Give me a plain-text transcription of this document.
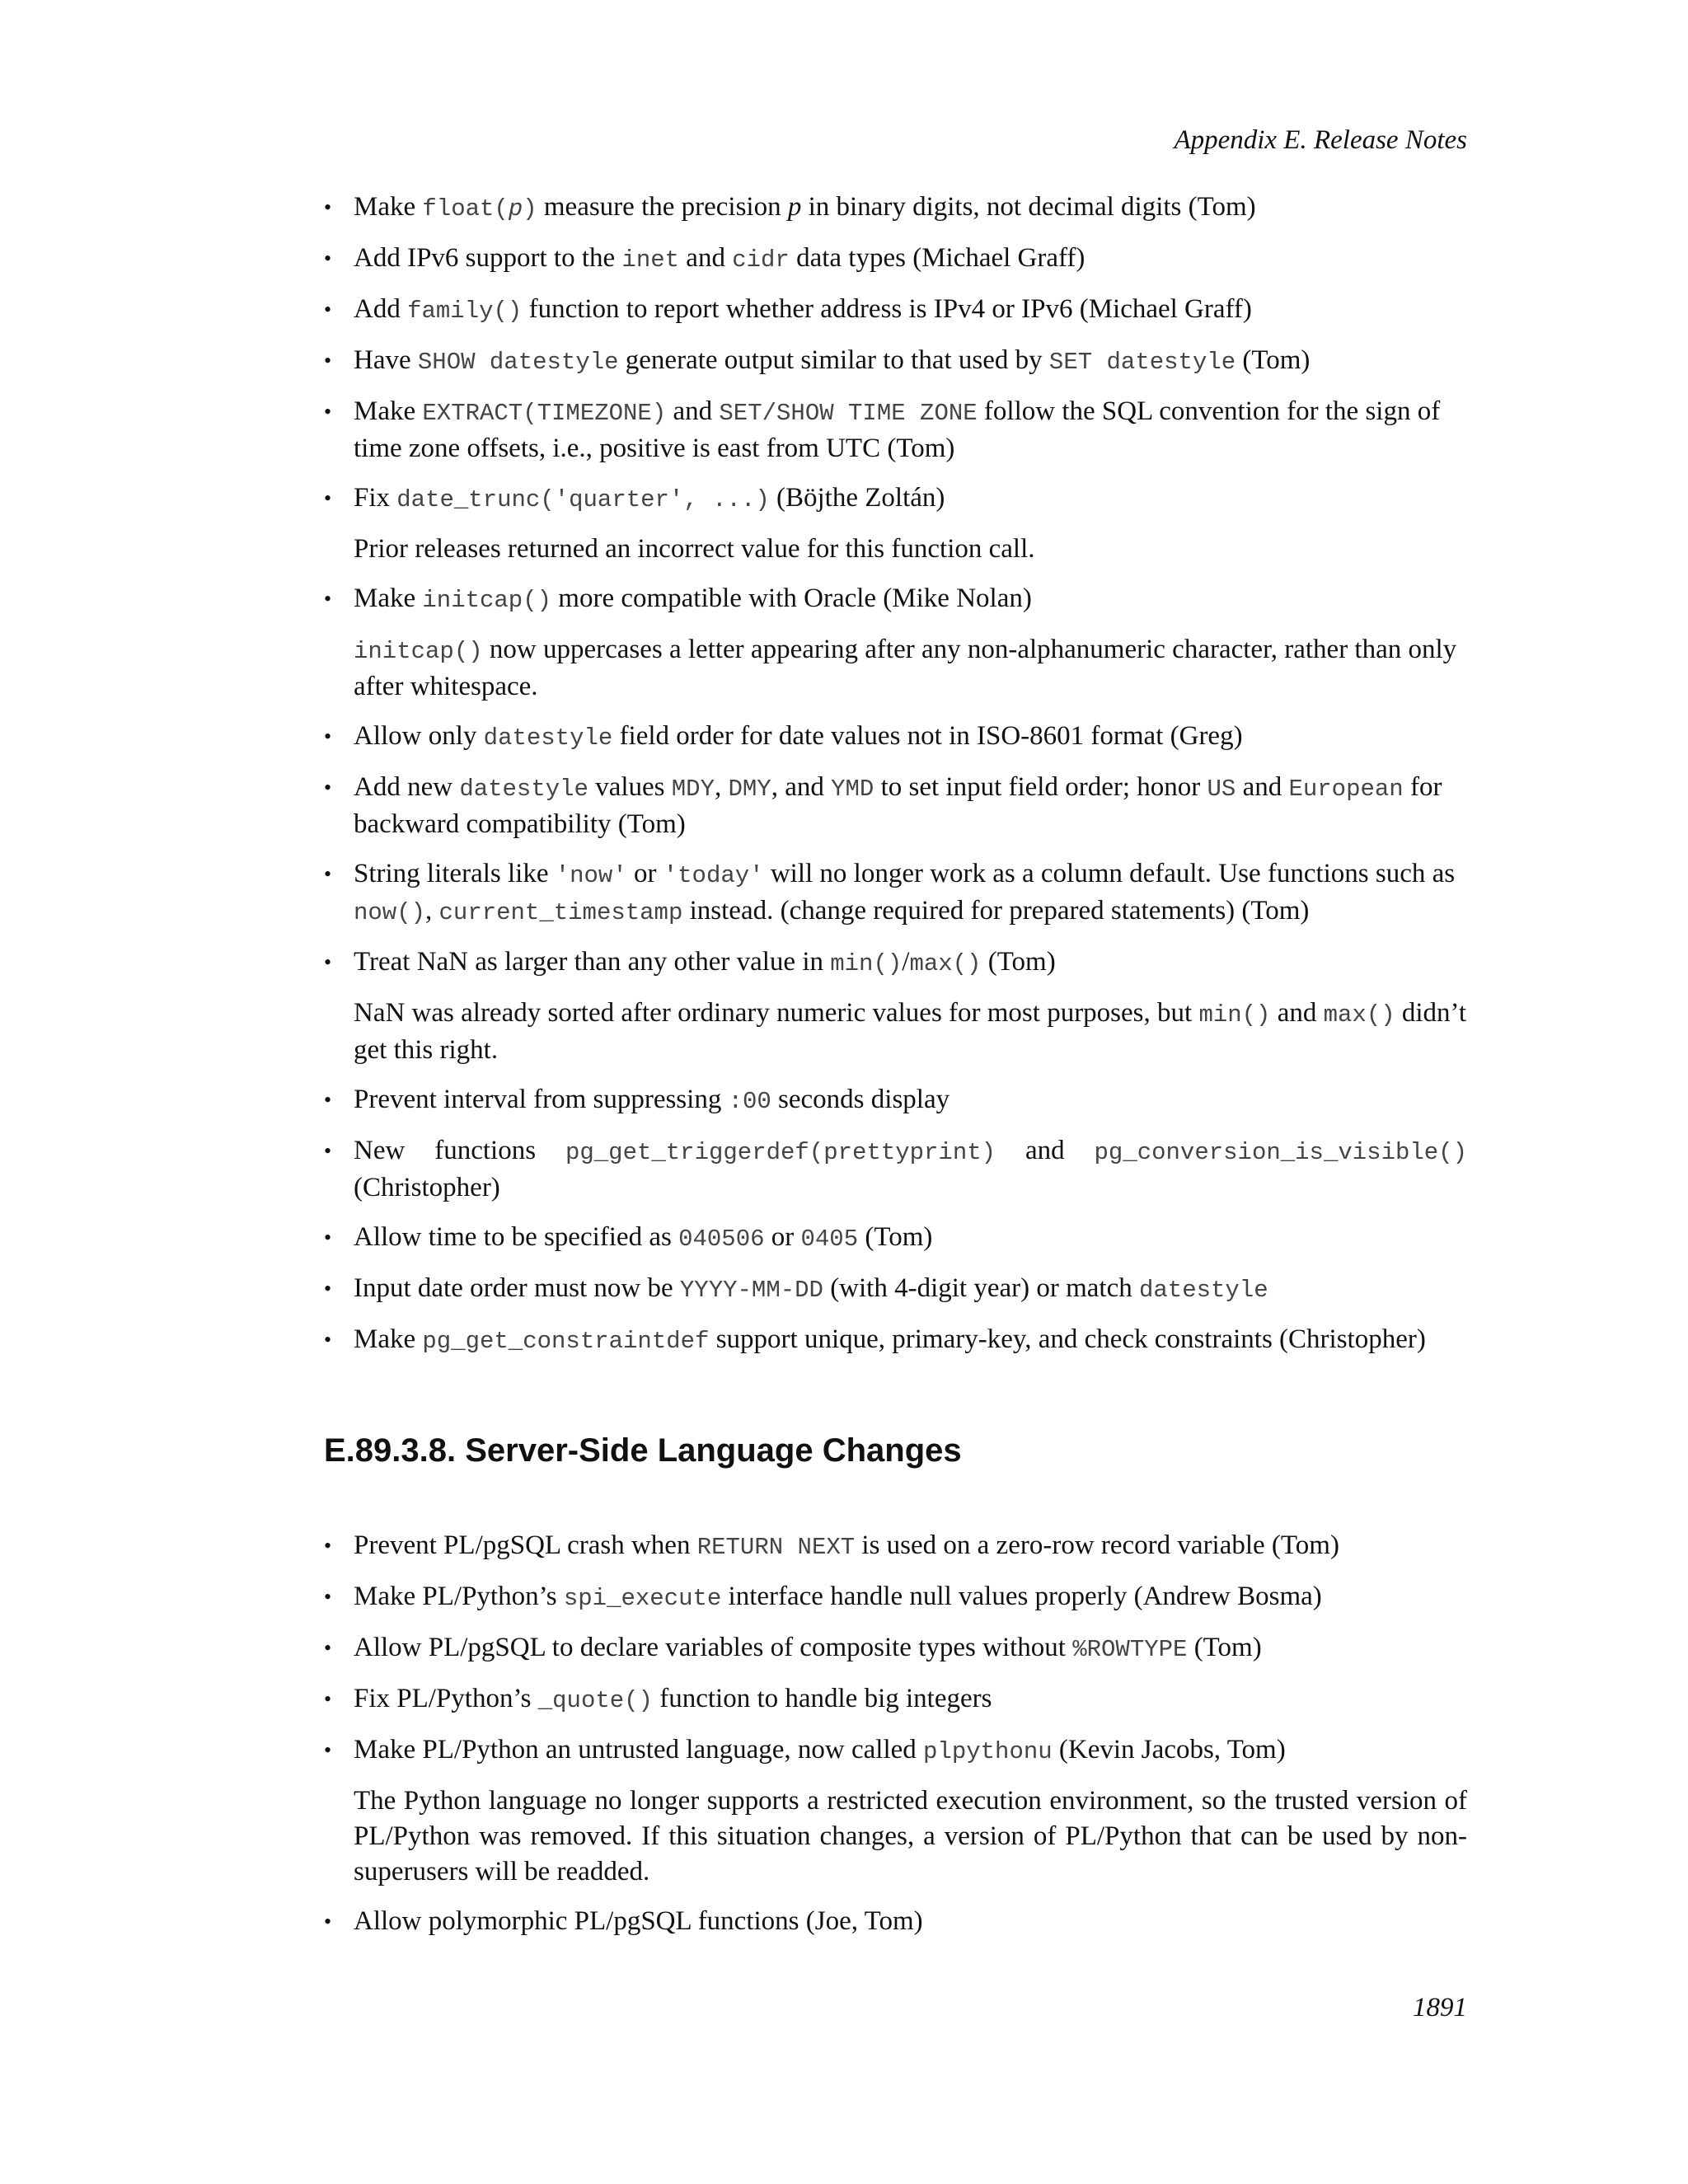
Appendix E. Release Notes
• Make float(p) measure the precision p in binary digits, not decimal digits (Tom)
• Add IPv6 support to the inet and cidr data types (Michael Graff)
• Add family() function to report whether address is IPv4 or IPv6 (Michael Graff)
• Have SHOW datestyle generate output similar to that used by SET datestyle (Tom)
• Make EXTRACT(TIMEZONE) and SET/SHOW TIME ZONE follow the SQL convention for the sign of time zone offsets, i.e., positive is east from UTC (Tom)
• Fix date_trunc('quarter', ...) (Böjthe Zoltán)

Prior releases returned an incorrect value for this function call.

• Make initcap() more compatible with Oracle (Mike Nolan)

initcap() now uppercases a letter appearing after any non-alphanumeric character, rather than only after whitespace.

• Allow only datestyle field order for date values not in ISO-8601 format (Greg)
• Add new datestyle values MDY, DMY, and YMD to set input field order; honor US and European for backward compatibility (Tom)
• String literals like 'now' or 'today' will no longer work as a column default. Use functions such as now(), current_timestamp instead. (change required for prepared statements) (Tom)
• Treat NaN as larger than any other value in min()/max() (Tom)

NaN was already sorted after ordinary numeric values for most purposes, but min() and max() didn’t get this right.

• Prevent interval from suppressing :00 seconds display
• New functions pg_get_triggerdef(prettyprint) and pg_conversion_is_visible()
(Christopher)
• Allow time to be specified as 040506 or 0405 (Tom)
• Input date order must now be YYYY-MM-DD (with 4-digit year) or match datestyle
• Make pg_get_constraintdef support unique, primary-key, and check constraints (Christopher)
E.89.3.8. Server-Side Language Changes
• Prevent PL/pgSQL crash when RETURN NEXT is used on a zero-row record variable (Tom)
• Make PL/Python’s spi_execute interface handle null values properly (Andrew Bosma)
• Allow PL/pgSQL to declare variables of composite types without %ROWTYPE (Tom)
• Fix PL/Python’s _quote() function to handle big integers
• Make PL/Python an untrusted language, now called plpythonu (Kevin Jacobs, Tom)

The Python language no longer supports a restricted execution environment, so the trusted version of PL/Python was removed. If this situation changes, a version of PL/Python that can be used by non-superusers will be readded.

• Allow polymorphic PL/pgSQL functions (Joe, Tom)
1891
